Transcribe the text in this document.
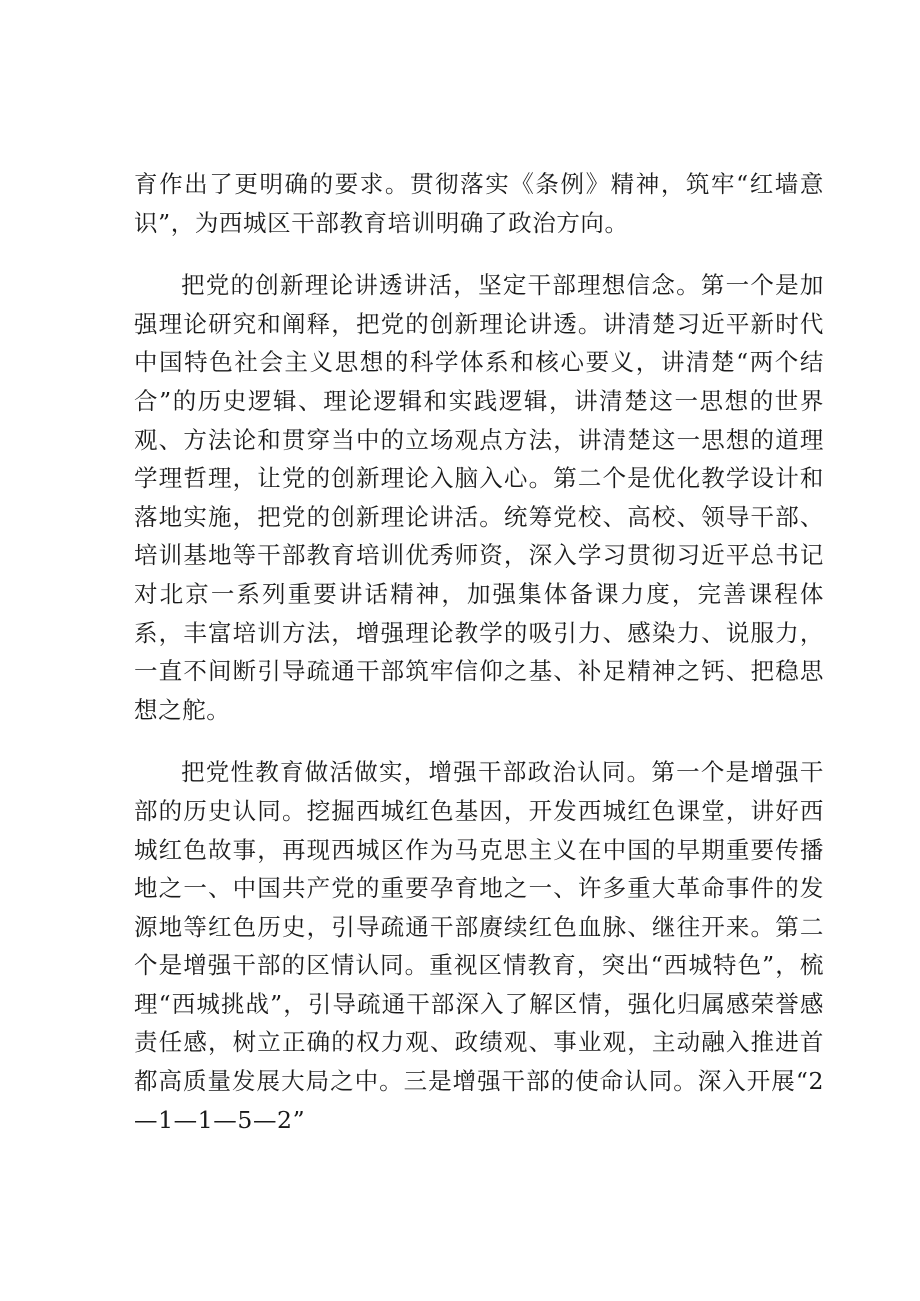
育作出了更明确的要求。贯彻落实《条例》精神，筑牢“红墙意识”，为西城区干部教育培训明确了政治方向。

把党的创新理论讲透讲活，坚定干部理想信念。第一个是加强理论研究和阐释，把党的创新理论讲透。讲清楚习近平新时代中国特色社会主义思想的科学体系和核心要义，讲清楚“两个结合”的历史逻辑、理论逻辑和实践逻辑，讲清楚这一思想的世界观、方法论和贯穿当中的立场观点方法，讲清楚这一思想的道理学理哲理，让党的创新理论入脑入心。第二个是优化教学设计和落地实施，把党的创新理论讲活。统筹党校、高校、领导干部、培训基地等干部教育培训优秀师资，深入学习贯彻习近平总书记对北京一系列重要讲话精神，加强集体备课力度，完善课程体系，丰富培训方法，增强理论教学的吸引力、感染力、说服力，一直不间断引导疏通干部筑牢信仰之基、补足精神之钙、把稳思想之舵。

把党性教育做活做实，增强干部政治认同。第一个是增强干部的历史认同。挖掘西城红色基因，开发西城红色课堂，讲好西城红色故事，再现西城区作为马克思主义在中国的早期重要传播地之一、中国共产党的重要孕育地之一、许多重大革命事件的发源地等红色历史，引导疏通干部赓续红色血脉、继往开来。第二个是增强干部的区情认同。重视区情教育，突出“西城特色”，梳理“西城挑战”，引导疏通干部深入了解区情，强化归属感荣誉感责任感，树立正确的权力观、政绩观、事业观，主动融入推进首都高质量发展大局之中。三是增强干部的使命认同。深入开展“2—1—1—5—2”
